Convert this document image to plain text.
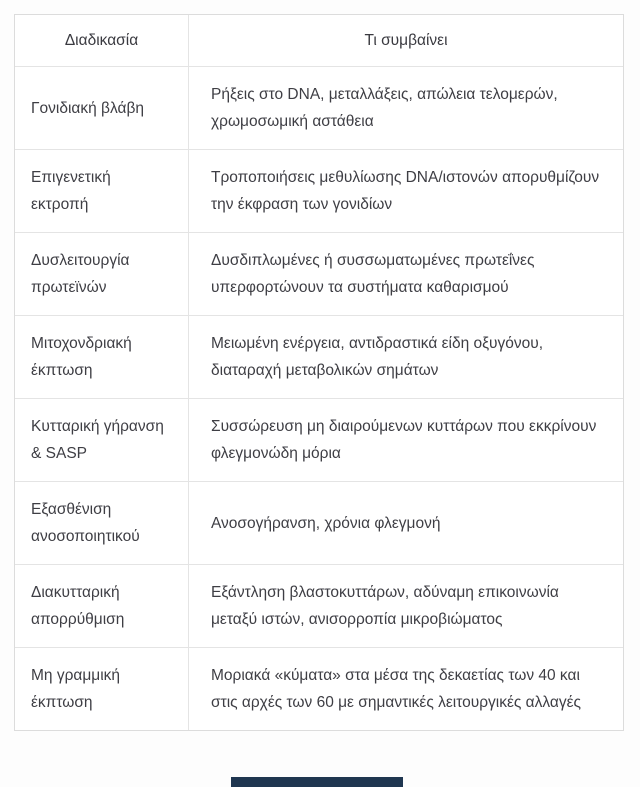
Διαδικασία	Τι συμβαίνει
Γονιδιακή βλάβη
Ρήξεις στο DNA, μεταλλάξεις, απώλεια τελομερών, χρωμοσωμική αστάθεια
Επιγενετική εκτροπή
Τροποποιήσεις μεθυλίωσης DNA/ιστονών απορυθμίζουν την έκφραση των γονιδίων
Δυσλειτουργία πρωτεϊνών
Δυσδιπλωμένες ή συσσωματωμένες πρωτεΐνες υπερφορτώνουν τα συστήματα καθαρισμού
Μιτοχονδριακή έκπτωση
Μειωμένη ενέργεια, αντιδραστικά είδη οξυγόνου, διαταραχή μεταβολικών σημάτων
Κυτταρική γήρανση & SASP
Συσσώρευση μη διαιρούμενων κυττάρων που εκκρίνουν φλεγμονώδη μόρια
Εξασθένιση ανοσοποιητικού
Ανοσογήρανση, χρόνια φλεγμονή
Διακυτταρική απορρύθμιση
Εξάντληση βλαστοκυττάρων, αδύναμη επικοινωνία μεταξύ ιστών, ανισορροπία μικροβιώματος
Μη γραμμική έκπτωση
Μοριακά «κύματα» στα μέσα της δεκαετίας των 40 και στις αρχές των 60 με σημαντικές λειτουργικές αλλαγές
